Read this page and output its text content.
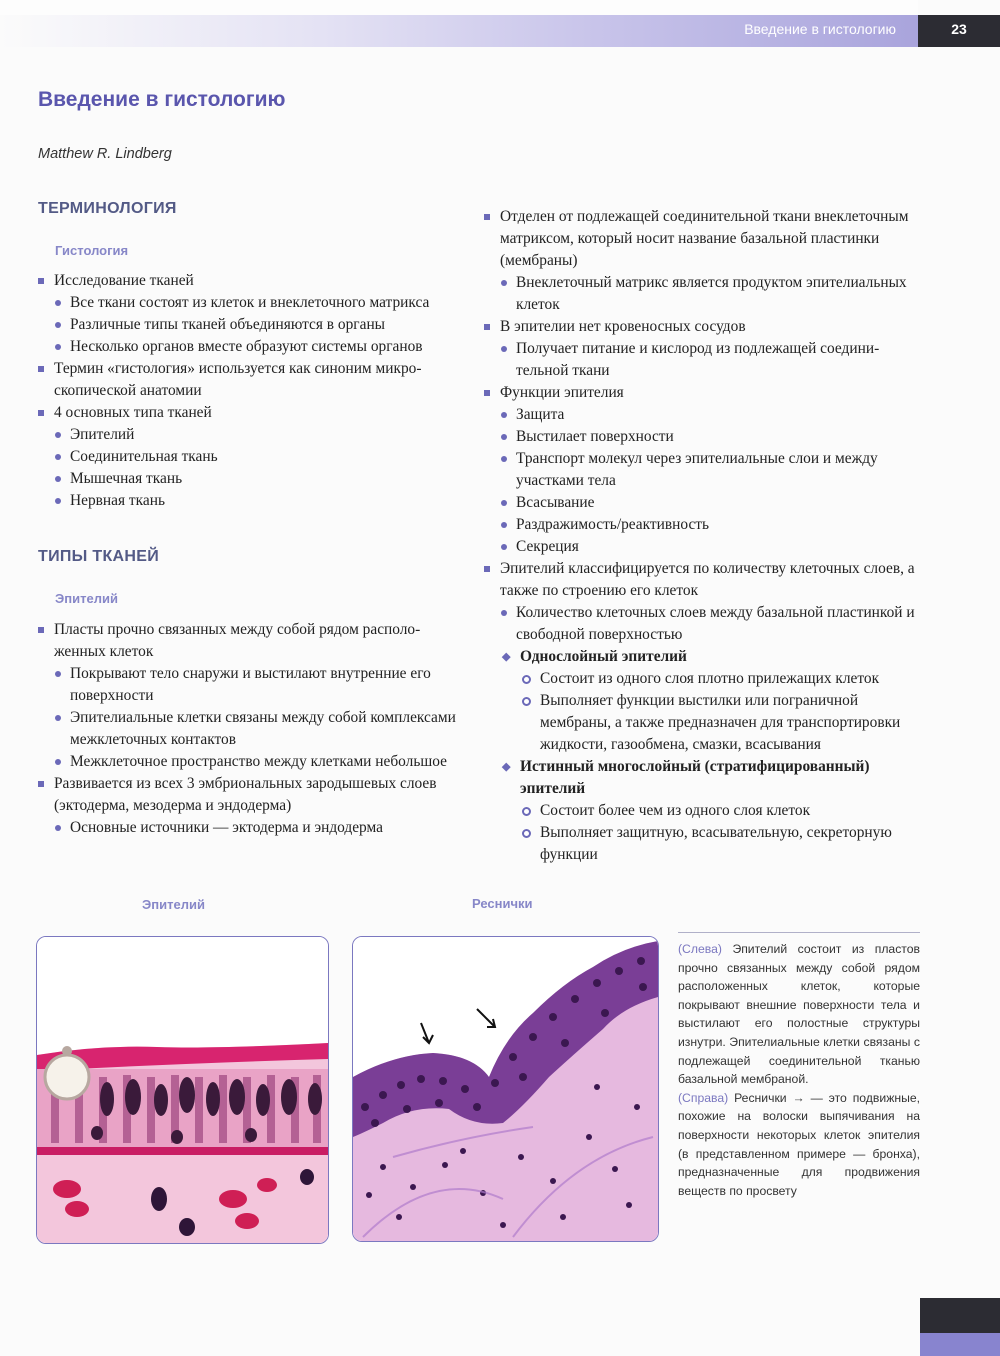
Введение в гистологию	23
Введение в гистологию
Matthew R. Lindberg
ТЕРМИНОЛОГИЯ
Гистология
Исследование тканей
Все ткани состоят из клеток и внеклеточного матрикса
Различные типы тканей объединяются в органы
Несколько органов вместе образуют системы органов
Термин «гистология» используется как синоним микроскопической анатомии
4 основных типа тканей
Эпителий
Соединительная ткань
Мышечная ткань
Нервная ткань
ТИПЫ ТКАНЕЙ
Эпителий
Пласты прочно связанных между собой рядом расположенных клеток
Покрывают тело снаружи и выстилают внутренние его поверхности
Эпителиальные клетки связаны между собой комплексами межклеточных контактов
Межклеточное пространство между клетками небольшое
Развивается из всех 3 эмбриональных зародышевых слоев (эктодерма, мезодерма и эндодерма)
Основные источники — эктодерма и эндодерма
Отделен от подлежащей соединительной ткани внеклеточным матриксом, который носит название базальной пластинки (мембраны)
Внеклеточный матрикс является продуктом эпителиальных клеток
В эпителии нет кровеносных сосудов
Получает питание и кислород из подлежащей соединительной ткани
Функции эпителия
Защита
Выстилает поверхности
Транспорт молекул через эпителиальные слои и между участками тела
Всасывание
Раздражимость/реактивность
Секреция
Эпителий классифицируется по количеству клеточных слоев, а также по строению его клеток
Количество клеточных слоев между базальной пластинкой и свободной поверхностью
◆ Однослойный эпителий
Состоит из одного слоя плотно прилежащих клеток
Выполняет функции выстилки или пограничной мембраны, а также предназначен для транспортировки жидкости, газообмена, смазки, всасывания
◆ Истинный многослойный (стратифицированный) эпителий
Состоит более чем из одного слоя клеток
Выполняет защитную, всасывательную, секреторную функции
Эпителий	Реснички
(Слева) Эпителий состоит из пластов прочно связанных между собой рядом расположенных клеток, которые покрывают внешние поверхности тела и выстилают его полостные структуры изнутри. Эпителиальные клетки связаны с подлежащей соединительной тканью базальной мембраной.
(Справа) Реснички → — это подвижные, похожие на волоски выпячивания на поверхности некоторых клеток эпителия (в представленном примере — бронха), предназначенные для продвижения веществ по просвету
